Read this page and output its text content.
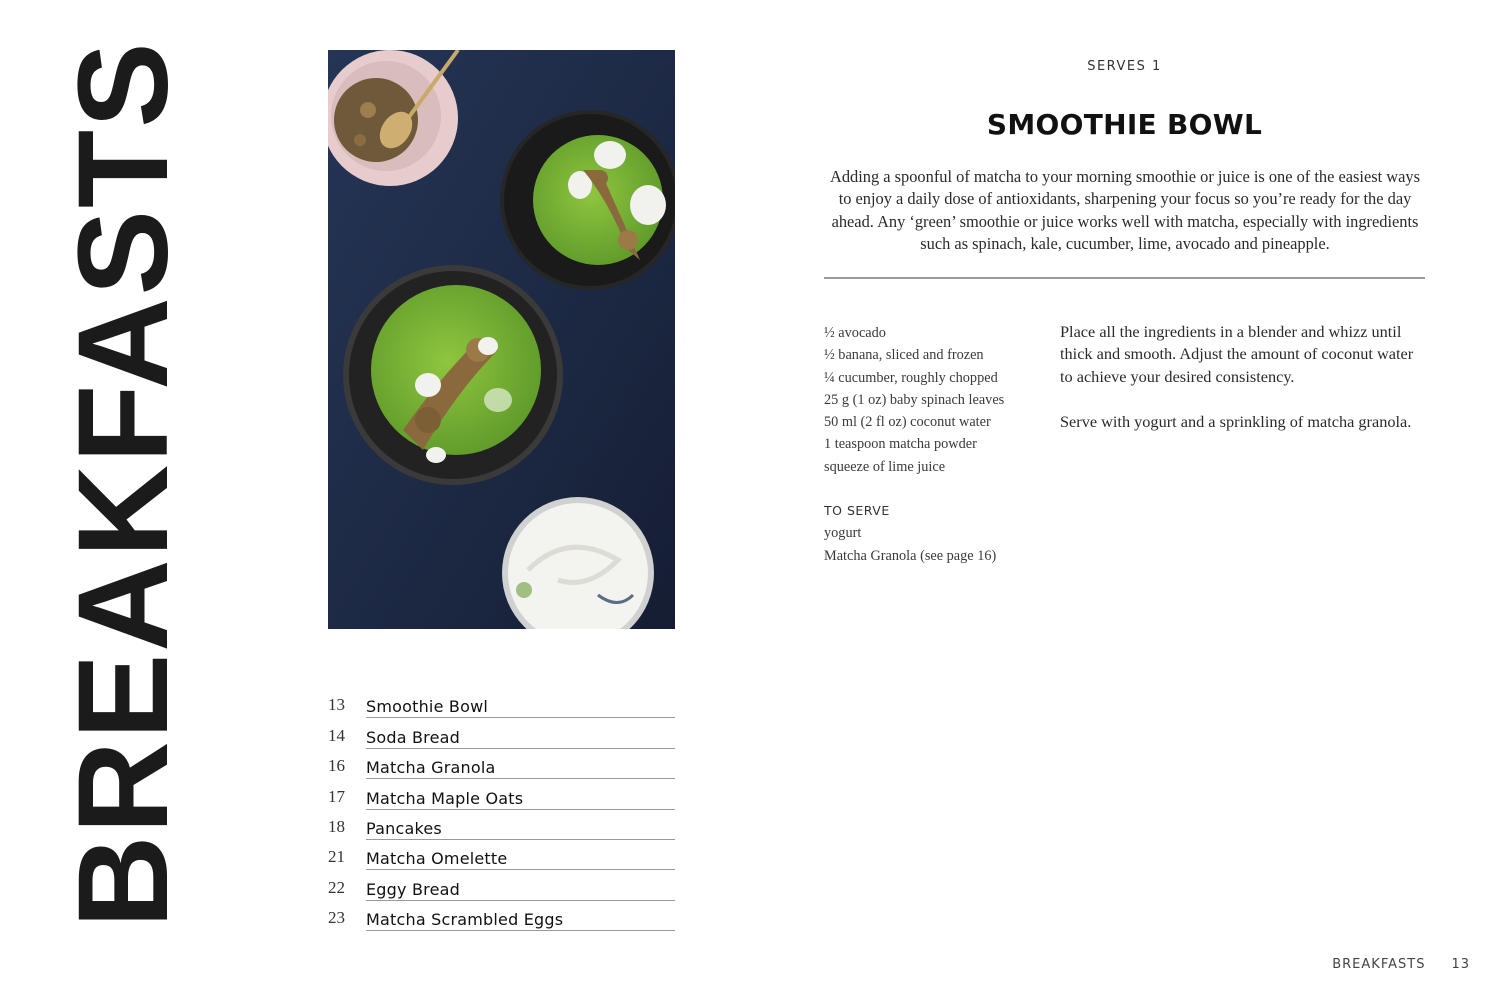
BREAKFASTS	13	Smoothie Bowl
14	Soda Bread
16	Matcha Granola
17	Matcha Maple Oats
18	Pancakes
21	Matcha Omelette
22	Eggy Bread
23	Matcha Scrambled Eggs
SERVES 1
SMOOTHIE BOWL

Adding a spoonful of matcha to your morning smoothie or juice is one of the easiest ways to enjoy a daily dose of antioxidants, sharpening your focus so you’re ready for the day ahead. Any ‘green’ smoothie or juice works well with matcha, especially with ingredients such as spinach, kale, cucumber, lime, avocado and pineapple.

½ avocado
½ banana, sliced and frozen
¼ cucumber, roughly chopped
25 g (1 oz) baby spinach leaves
50 ml (2 fl oz) coconut water
1 teaspoon matcha powder
squeeze of lime juice
TO SERVE
yogurt
Matcha Granola (see page 16)

Place all the ingredients in a blender and whizz until thick and smooth. Adjust the amount of coconut water to achieve your desired consistency.

Serve with yogurt and a sprinkling of matcha granola.

BREAKFASTS 13
